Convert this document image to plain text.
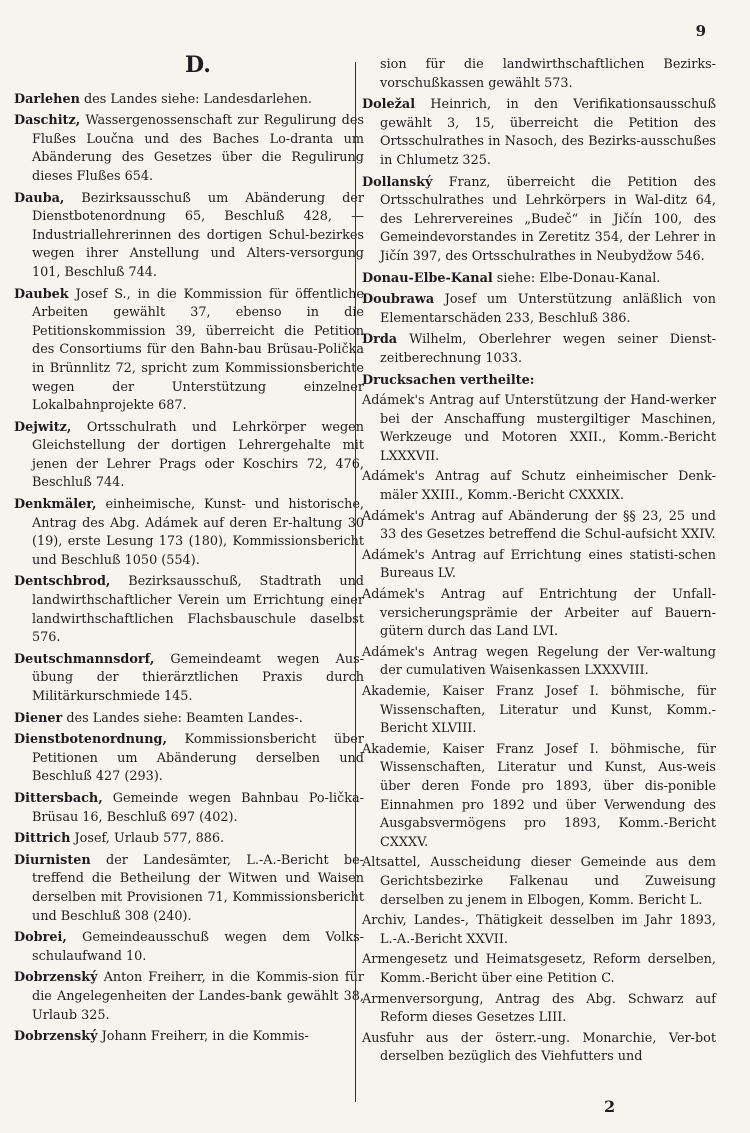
9
D.
Darlehen des Landes siehe: Landesdarlehen.
Daschitz, Wassergenossenschaft zur Regulirung des Flußes Loučna und des Baches Lo-dranta um Abänderung des Gesetzes über die Regulirung dieses Flußes 654.
Dauba, Bezirksausschuß um Abänderung der Dienstbotenordnung 65, Beschluß 428, — Industriallehrerinnen des dortigen Schul-bezirkes wegen ihrer Anstellung und Alters-versorgung 101, Beschluß 744.
Daubek Josef S., in die Kommission für öffentliche Arbeiten gewählt 37, ebenso in die Petitionskommission 39, überreicht die Petition des Consortiums für den Bahn-bau Brüsau-Polička in Brünnlitz 72, spricht zum Kommissionsberichte wegen der Unterstützung einzelner Lokalbahnprojekte 687.
Dejwitz, Ortsschulrath und Lehrkörper wegen Gleichstellung der dortigen Lehrergehalte mit jenen der Lehrer Prags oder Koschirs 72, 476, Beschluß 744.
Denkmäler, einheimische, Kunst- und historische, Antrag des Abg. Adámek auf deren Er-haltung 30 (19), erste Lesung 173 (180), Kommissionsbericht und Beschluß 1050 (554).
Dentschbrod, Bezirksausschuß, Stadtrath und landwirthschaftlicher Verein um Errichtung einer landwirthschaftlichen Flachsbauschule daselbst 576.
Deutschmannsdorf, Gemeindeamt wegen Aus-übung der thierärztlichen Praxis durch Militärkurschmiede 145.
Diener des Landes siehe: Beamten Landes-.
Dienstbotenordnung, Kommissionsbericht über Petitionen um Abänderung derselben und Beschluß 427 (293).
Dittersbach, Gemeinde wegen Bahnbau Po-lička-Brüsau 16, Beschluß 697 (402).
Dittrich Josef, Urlaub 577, 886.
Diurnisten der Landesämter, L.-A.-Bericht be-treffend die Betheilung der Witwen und Waisen derselben mit Provisionen 71, Kommissionsbericht und Beschluß 308 (240).
Dobrei, Gemeindeausschuß wegen dem Volks-schulaufwand 10.
Dobrzenský Anton Freiherr, in die Kommis-sion für die Angelegenheiten der Landes-bank gewählt 38, Urlaub 325.
Dobrzenský Johann Freiherr, in die Kommis-
sion für die landwirthschaftlichen Bezirks-vorschußkassen gewählt 573.
Doležal Heinrich, in den Verifikationsausschuß gewählt 3, 15, überreicht die Petition des Ortsschulrathes in Nasoch, des Bezirks-ausschußes in Chlumetz 325.
Dollanský Franz, überreicht die Petition des Ortsschulrathes und Lehrkörpers in Wal-ditz 64, des Lehrervereines „Budeč“ in Jičín 100, des Gemeindevorstandes in Zeretitz 354, der Lehrer in Jičín 397, des Ortsschulrathes in Neubydžow 546.
Donau-Elbe-Kanal siehe: Elbe-Donau-Kanal.
Doubrawa Josef um Unterstützung anläßlich von Elementarschäden 233, Beschluß 386.
Drda Wilhelm, Oberlehrer wegen seiner Dienst-zeitberechnung 1033.
Drucksachen vertheilte:
Adámek's Antrag auf Unterstützung der Hand-werker bei der Anschaffung mustergiltiger Maschinen, Werkzeuge und Motoren XXII., Komm.-Bericht LXXXVII.
Adámek's Antrag auf Schutz einheimischer Denk-mäler XXIII., Komm.-Bericht CXXXIX.
Adámek's Antrag auf Abänderung der §§ 23, 25 und 33 des Gesetzes betreffend die Schul-aufsicht XXIV.
Adámek's Antrag auf Errichtung eines statisti-schen Bureaus LV.
Adámek's Antrag auf Entrichtung der Unfall-versicherungsprämie der Arbeiter auf Bauern-gütern durch das Land LVI.
Adámek's Antrag wegen Regelung der Ver-waltung der cumulativen Waisenkassen LXXXVIII.
Akademie, Kaiser Franz Josef I. böhmische, für Wissenschaften, Literatur und Kunst, Komm.-Bericht XLVIII.
Akademie, Kaiser Franz Josef I. böhmische, für Wissenschaften, Literatur und Kunst, Aus-weis über deren Fonde pro 1893, über dis-ponible Einnahmen pro 1892 und über Verwendung des Ausgabsvermögens pro 1893, Komm.-Bericht CXXXV.
Altsattel, Ausscheidung dieser Gemeinde aus dem Gerichtsbezirke Falkenau und Zuweisung derselben zu jenem in Elbogen, Komm. Bericht L.
Archiv, Landes-, Thätigkeit desselben im Jahr 1893, L.-A.-Bericht XXVII.
Armengesetz und Heimatsgesetz, Reform derselben, Komm.-Bericht über eine Petition C.
Armenversorgung, Antrag des Abg. Schwarz auf Reform dieses Gesetzes LIII.
Ausfuhr aus der österr.-ung. Monarchie, Ver-bot derselben bezüglich des Viehfutters und
2
